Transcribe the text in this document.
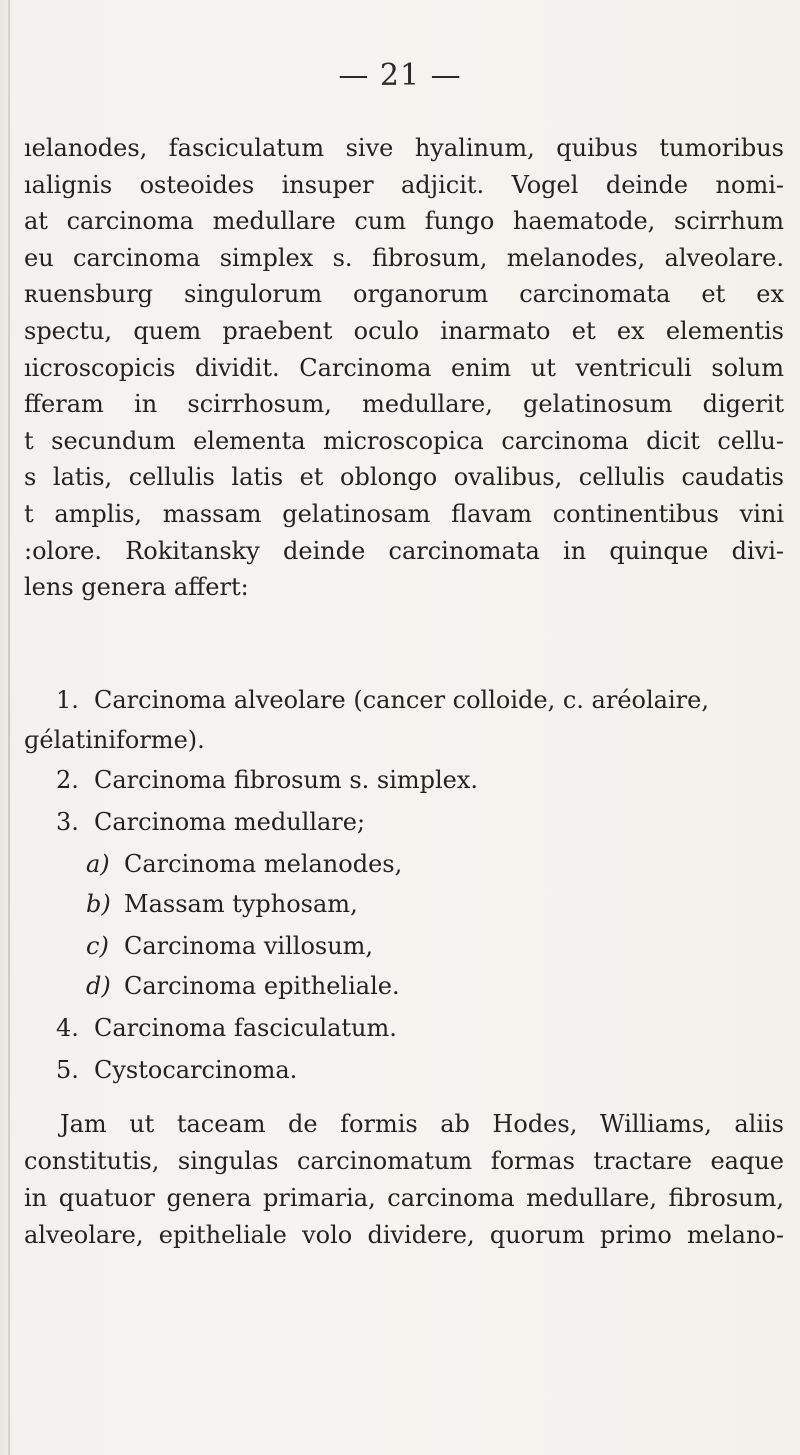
— 21 —
ıelanodes, fasciculatum sive hyalinum, quibus tumoribus
ıalignis osteoides insuper adjicit. Vogel deinde nomi-
at carcinoma medullare cum fungo haematode, scirrhum
eu carcinoma simplex s. fibrosum, melanodes, alveolare.
ʀuensburg singulorum organorum carcinomata et ex
spectu, quem praebent oculo inarmato et ex elementis
ıicroscopicis dividit. Carcinoma enim ut ventriculi solum
fferam in scirrhosum, medullare, gelatinosum digerit
t secundum elementa microscopica carcinoma dicit cellu-
s latis, cellulis latis et oblongo ovalibus, cellulis caudatis
t amplis, massam gelatinosam flavam continentibus vini
:olore. Rokitansky deinde carcinomata in quinque divi-
lens genera affert:
1. Carcinoma alveolare (cancer colloide, c. aréolaire,
ɡélatiniforme).
2. Carcinoma fibrosum s. simplex.
3. Carcinoma medullare;
a) Carcinoma melanodes,
b) Massam typhosam,
c) Carcinoma villosum,
d) Carcinoma epitheliale.
4. Carcinoma fasciculatum.
5. Cystocarcinoma.
Jam ut taceam de formis ab Hodes, Williams, aliis
constitutis, singulas carcinomatum formas tractare eaque
in quatuor genera primaria, carcinoma medullare, fibrosum,
alveolare, epitheliale volo dividere, quorum primo melano-
